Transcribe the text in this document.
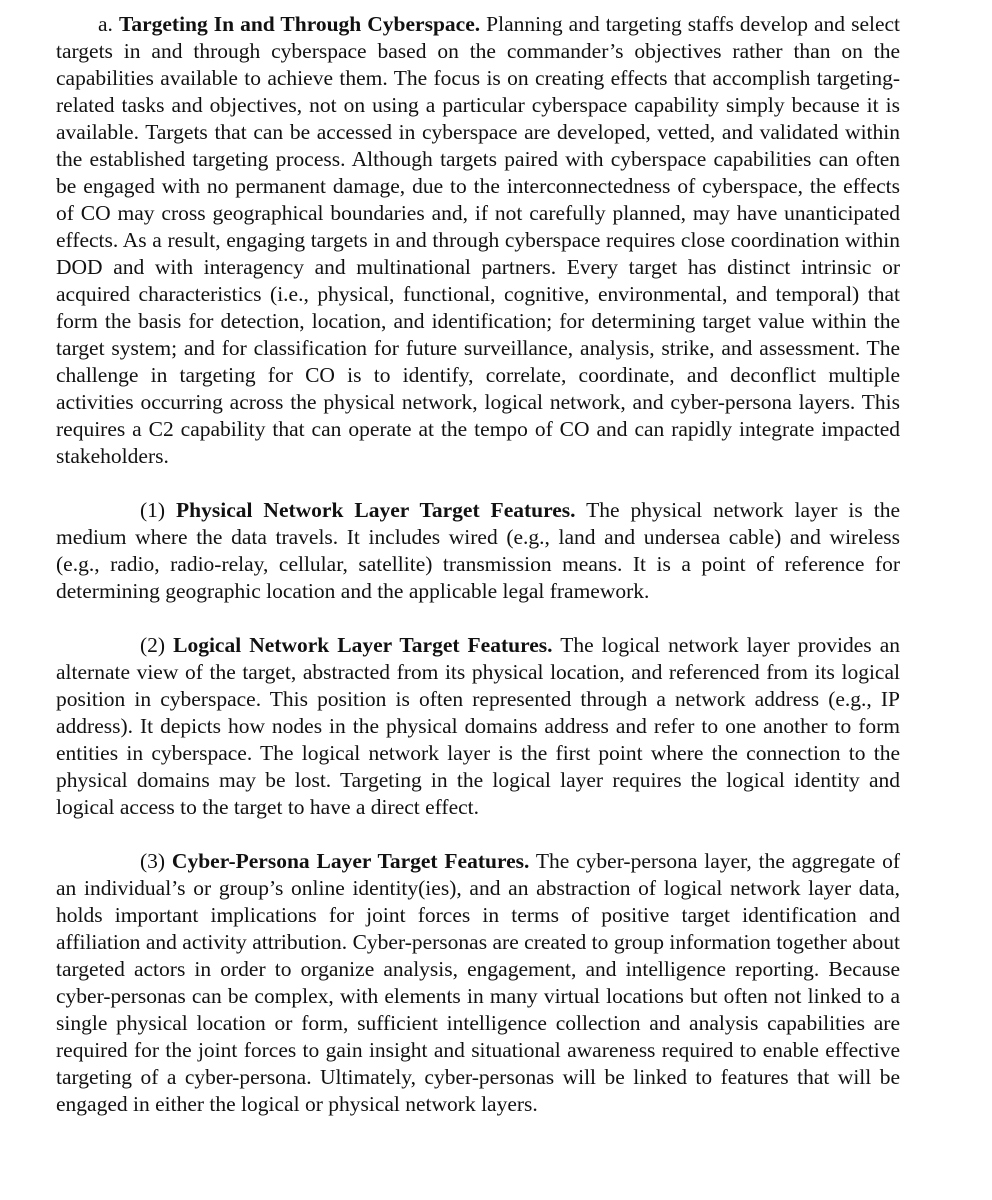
a. Targeting In and Through Cyberspace. Planning and targeting staffs develop and select targets in and through cyberspace based on the commander’s objectives rather than on the capabilities available to achieve them. The focus is on creating effects that accomplish targeting-related tasks and objectives, not on using a particular cyberspace capability simply because it is available. Targets that can be accessed in cyberspace are developed, vetted, and validated within the established targeting process. Although targets paired with cyberspace capabilities can often be engaged with no permanent damage, due to the interconnectedness of cyberspace, the effects of CO may cross geographical boundaries and, if not carefully planned, may have unanticipated effects. As a result, engaging targets in and through cyberspace requires close coordination within DOD and with interagency and multinational partners. Every target has distinct intrinsic or acquired characteristics (i.e., physical, functional, cognitive, environmental, and temporal) that form the basis for detection, location, and identification; for determining target value within the target system; and for classification for future surveillance, analysis, strike, and assessment. The challenge in targeting for CO is to identify, correlate, coordinate, and deconflict multiple activities occurring across the physical network, logical network, and cyber-persona layers. This requires a C2 capability that can operate at the tempo of CO and can rapidly integrate impacted stakeholders.

(1) Physical Network Layer Target Features. The physical network layer is the medium where the data travels. It includes wired (e.g., land and undersea cable) and wireless (e.g., radio, radio-relay, cellular, satellite) transmission means. It is a point of reference for determining geographic location and the applicable legal framework.

(2) Logical Network Layer Target Features. The logical network layer provides an alternate view of the target, abstracted from its physical location, and referenced from its logical position in cyberspace. This position is often represented through a network address (e.g., IP address). It depicts how nodes in the physical domains address and refer to one another to form entities in cyberspace. The logical network layer is the first point where the connection to the physical domains may be lost. Targeting in the logical layer requires the logical identity and logical access to the target to have a direct effect.

(3) Cyber-Persona Layer Target Features. The cyber-persona layer, the aggregate of an individual’s or group’s online identity(ies), and an abstraction of logical network layer data, holds important implications for joint forces in terms of positive target identification and affiliation and activity attribution. Cyber-personas are created to group information together about targeted actors in order to organize analysis, engagement, and intelligence reporting. Because cyber-personas can be complex, with elements in many virtual locations but often not linked to a single physical location or form, sufficient intelligence collection and analysis capabilities are required for the joint forces to gain insight and situational awareness required to enable effective targeting of a cyber-persona. Ultimately, cyber-personas will be linked to features that will be engaged in either the logical or physical network layers.
